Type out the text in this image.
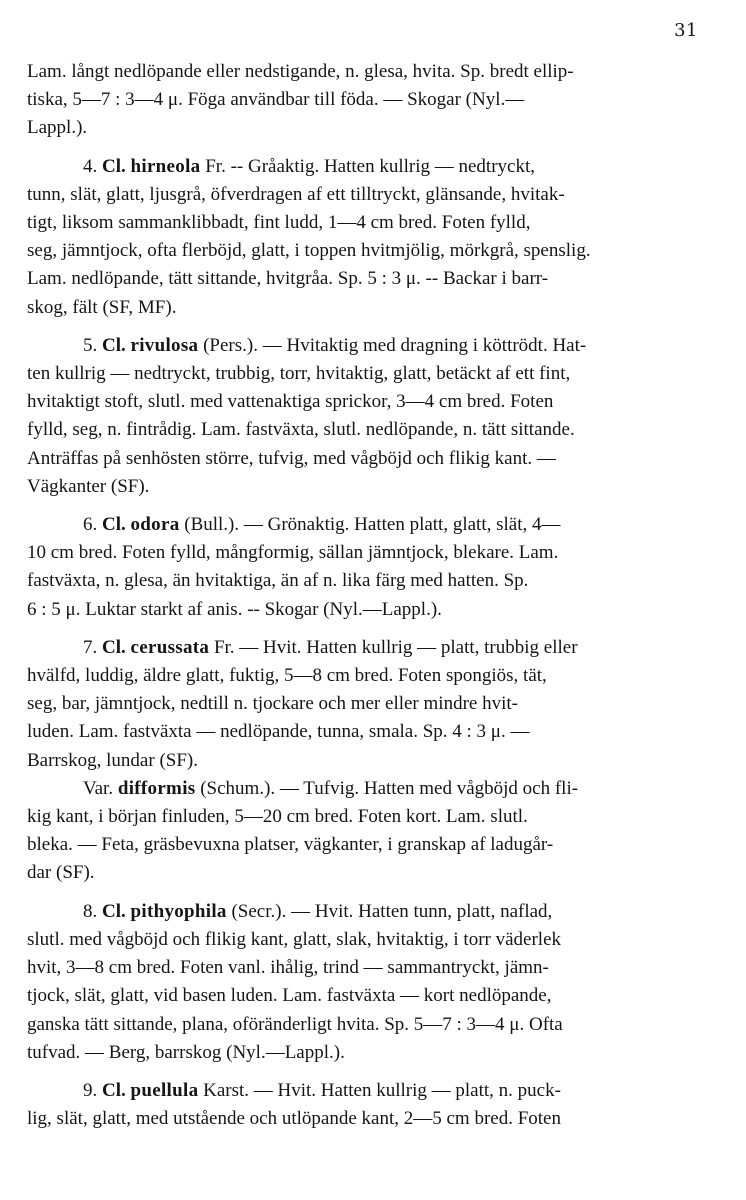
31
Lam. långt nedlöpande eller nedstigande, n. glesa, hvita. Sp. bredt ellip-
tiska, 5—7 : 3—4 μ. Föga användbar till föda. — Skogar (Nyl.—
Lappl.).
4. Cl. hirneola Fr. -- Gråaktig. Hatten kullrig — nedtryckt,
tunn, slät, glatt, ljusgrå, öfverdragen af ett tilltryckt, glänsande, hvitak-
tigt, liksom sammanklibbadt, fint ludd, 1—4 cm bred. Foten fylld,
seg, jämntjock, ofta flerböjd, glatt, i toppen hvitmjölig, mörkgrå, spenslig.
Lam. nedlöpande, tätt sittande, hvitgråa. Sp. 5 : 3 μ. -- Backar i barr-
skog, fält (SF, MF).
5. Cl. rivulosa (Pers.). — Hvitaktig med dragning i köttrödt. Hat-
ten kullrig — nedtryckt, trubbig, torr, hvitaktig, glatt, betäckt af ett fint,
hvitaktigt stoft, slutl. med vattenaktiga sprickor, 3—4 cm bred. Foten
fylld, seg, n. fintrådig. Lam. fastväxta, slutl. nedlöpande, n. tätt sittande.
Anträffas på senhösten större, tufvig, med vågböjd och flikig kant. —
Vägkanter (SF).
6. Cl. odora (Bull.). — Grönaktig. Hatten platt, glatt, slät, 4—
10 cm bred. Foten fylld, mångformig, sällan jämntjock, blekare. Lam.
fastväxta, n. glesa, än hvitaktiga, än af n. lika färg med hatten. Sp.
6 : 5 μ. Luktar starkt af anis. -- Skogar (Nyl.—Lappl.).
7. Cl. cerussata Fr. — Hvit. Hatten kullrig — platt, trubbig eller
hvälfd, luddig, äldre glatt, fuktig, 5—8 cm bred. Foten spongiös, tät,
seg, bar, jämntjock, nedtill n. tjockare och mer eller mindre hvit-
luden. Lam. fastväxta — nedlöpande, tunna, smala. Sp. 4 : 3 μ. —
Barrskog, lundar (SF).
Var. difformis (Schum.). — Tufvig. Hatten med vågböjd och fli-
kig kant, i början finluden, 5—20 cm bred. Foten kort. Lam. slutl.
bleka. — Feta, gräsbevuxna platser, vägkanter, i granskap af ladugår-
dar (SF).
8. Cl. pithyophila (Secr.). — Hvit. Hatten tunn, platt, naflad,
slutl. med vågböjd och flikig kant, glatt, slak, hvitaktig, i torr väderlek
hvit, 3—8 cm bred. Foten vanl. ihålig, trind — sammantryckt, jämn-
tjock, slät, glatt, vid basen luden. Lam. fastväxta — kort nedlöpande,
ganska tätt sittande, plana, oföränderligt hvita. Sp. 5—7 : 3—4 μ. Ofta
tufvad. — Berg, barrskog (Nyl.—Lappl.).
9. Cl. puellula Karst. — Hvit. Hatten kullrig — platt, n. puck-
lig, slät, glatt, med utstående och utlöpande kant, 2—5 cm bred. Foten
